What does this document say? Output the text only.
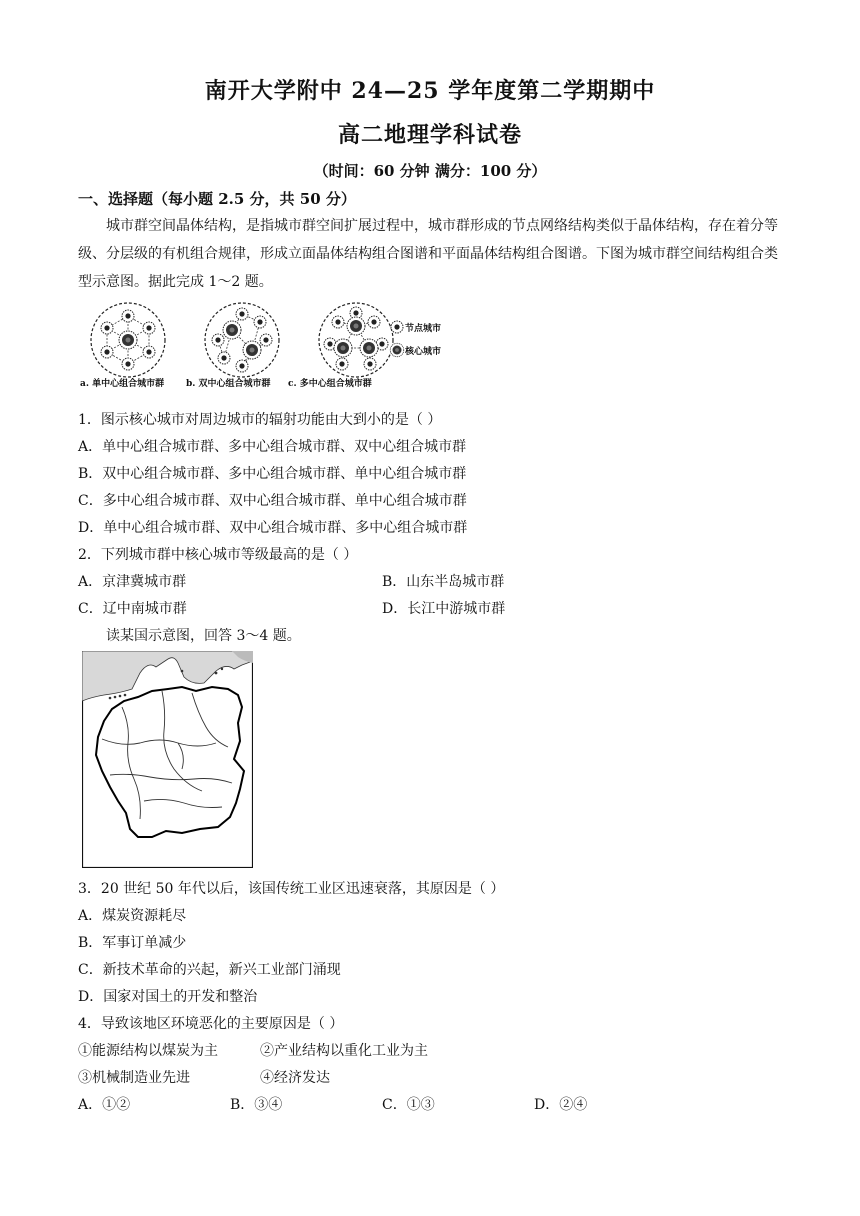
南开大学附中 24—25 学年度第二学期期中
高二地理学科试卷
（时间：60 分钟 满分：100 分）
一、选择题（每小题 2.5 分，共 50 分）
城市群空间晶体结构，是指城市群空间扩展过程中，城市群形成的节点网络结构类似于晶体结构，存在着分等级、分层级的有机组合规律，形成立面晶体结构组合图谱和平面晶体结构组合图谱。下图为城市群空间结构组合类型示意图。据此完成 1～2 题。
节点城市
核心城市
a. 单中心组合城市群 b. 双中心组合城市群 c. 多中心组合城市群
1．图示核心城市对周边城市的辐射功能由大到小的是（ ）
A．单中心组合城市群、多中心组合城市群、双中心组合城市群
B．双中心组合城市群、多中心组合城市群、单中心组合城市群
C．多中心组合城市群、双中心组合城市群、单中心组合城市群
D．单中心组合城市群、双中心组合城市群、多中心组合城市群
2．下列城市群中核心城市等级最高的是（ ）
A．京津冀城市群	B．山东半岛城市群
C．辽中南城市群	D．长江中游城市群
读某国示意图，回答 3～4 题。
3．20 世纪 50 年代以后，该国传统工业区迅速衰落，其原因是（ ）
A．煤炭资源耗尽
B．军事订单减少
C．新技术革命的兴起，新兴工业部门涌现
D．国家对国土的开发和整治
4．导致该地区环境恶化的主要原因是（ ）
①能源结构以煤炭为主	②产业结构以重化工业为主
③机械制造业先进	④经济发达
A．①②	B．③④	C．①③	D．②④
